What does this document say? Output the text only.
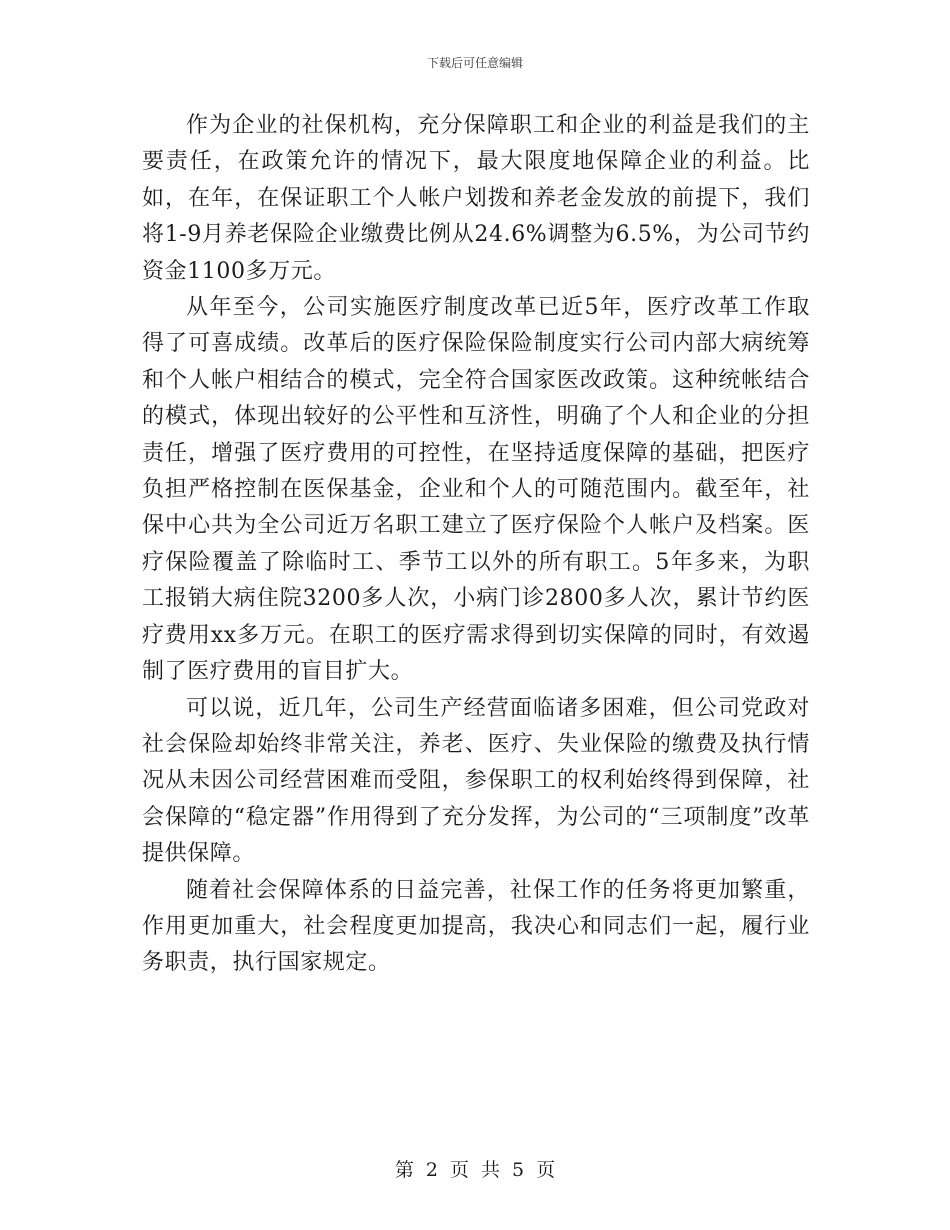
下载后可任意编辑

作为企业的社保机构，充分保障职工和企业的利益是我们的主要责任，在政策允许的情况下，最大限度地保障企业的利益。比如，在年，在保证职工个人帐户划拨和养老金发放的前提下，我们将1-9月养老保险企业缴费比例从24.6%调整为6.5%，为公司节约资金1100多万元。

从年至今，公司实施医疗制度改革已近5年，医疗改革工作取得了可喜成绩。改革后的医疗保险保险制度实行公司内部大病统筹和个人帐户相结合的模式，完全符合国家医改政策。这种统帐结合的模式，体现出较好的公平性和互济性，明确了个人和企业的分担责任，增强了医疗费用的可控性，在坚持适度保障的基础，把医疗负担严格控制在医保基金，企业和个人的可随范围内。截至年，社保中心共为全公司近万名职工建立了医疗保险个人帐户及档案。医疗保险覆盖了除临时工、季节工以外的所有职工。5年多来，为职工报销大病住院3200多人次，小病门诊2800多人次，累计节约医疗费用xx多万元。在职工的医疗需求得到切实保障的同时，有效遏制了医疗费用的盲目扩大。

可以说，近几年，公司生产经营面临诸多困难，但公司党政对社会保险却始终非常关注，养老、医疗、失业保险的缴费及执行情况从未因公司经营困难而受阻，参保职工的权利始终得到保障，社会保障的“稳定器”作用得到了充分发挥，为公司的“三项制度”改革提供保障。

随着社会保障体系的日益完善，社保工作的任务将更加繁重，作用更加重大，社会程度更加提高，我决心和同志们一起，履行业务职责，执行国家规定。

第 2 页 共 5 页
